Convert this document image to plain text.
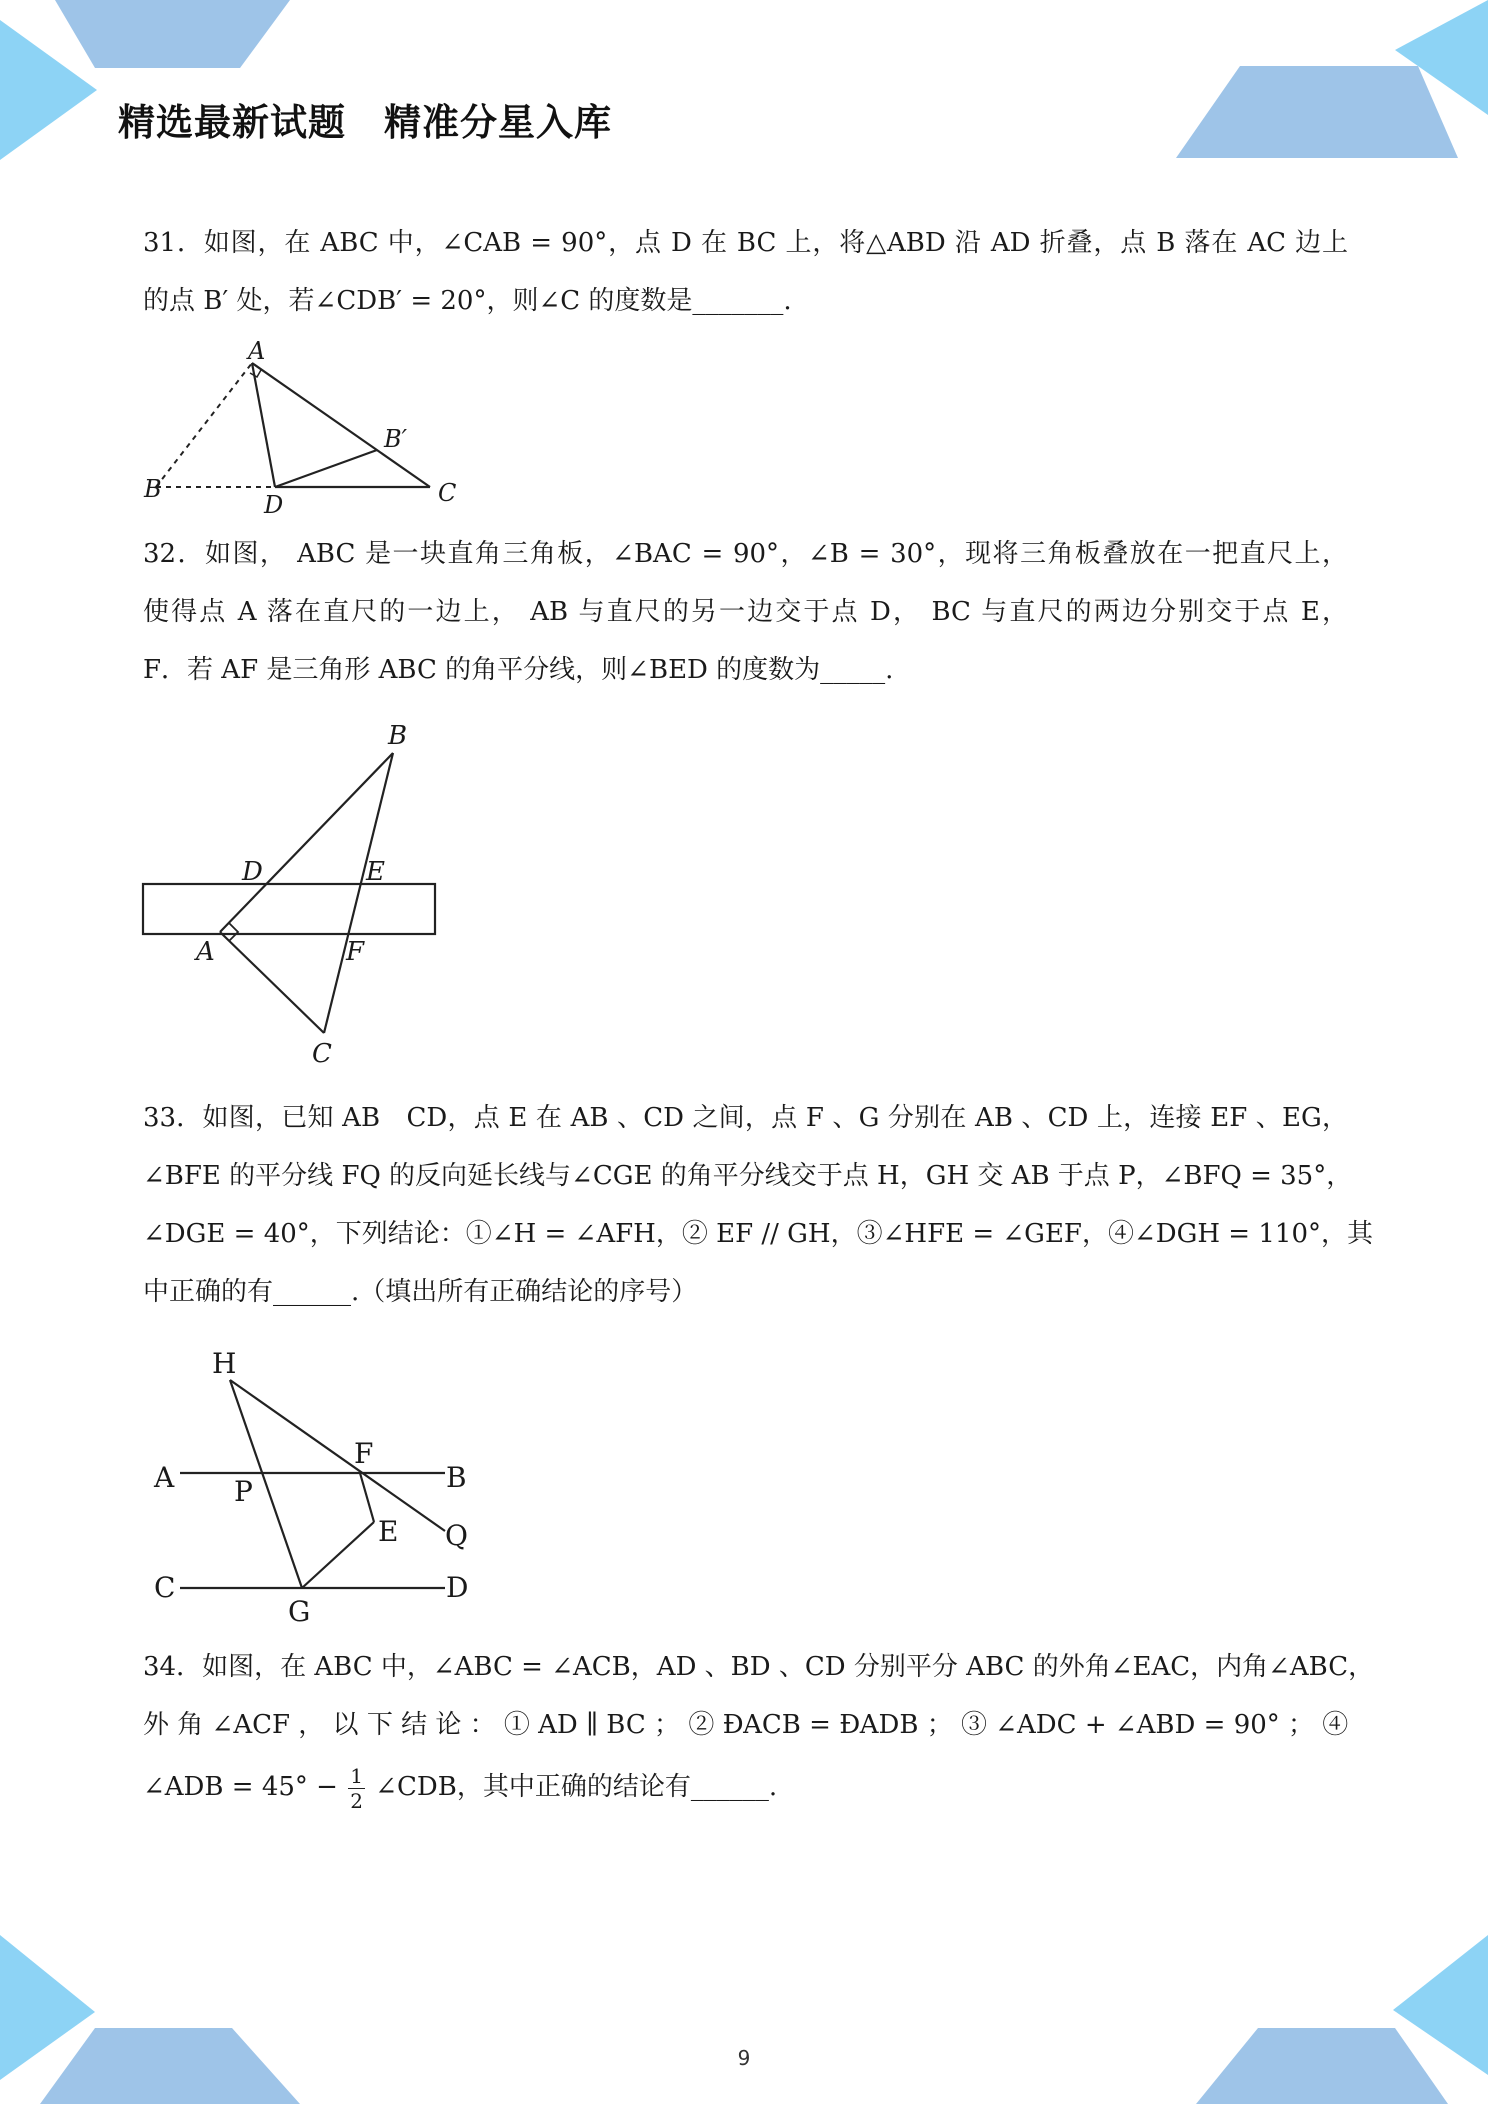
精选最新试题　精准分星入库

31．如图，在 ABC 中，∠CAB = 90°，点 D 在 BC 上，将△ABD 沿 AD 折叠，点 B 落在 AC 边上

的点 B′ 处，若∠CDB′ = 20°，则∠C 的度数是_______.

A
B
D	C
B′

32．如图， ABC 是一块直角三角板，∠BAC = 90°，∠B = 30°，现将三角板叠放在一把直尺上，

使得点 A 落在直尺的一边上， AB 与直尺的另一边交于点 D， BC 与直尺的两边分别交于点 E，

F．若 AF 是三角形 ABC 的角平分线，则∠BED 的度数为_____.

B
D	E
A	F
C

33．如图，已知 AB　CD，点 E 在 AB 、CD 之间，点 F 、G 分别在 AB 、CD 上，连接 EF 、EG，

∠BFE 的平分线 FQ 的反向延长线与∠CGE 的角平分线交于点 H，GH 交 AB 于点 P，∠BFQ = 35°，

∠DGE = 40°，下列结论：①∠H = ∠AFH，② EF // GH，③∠HFE = ∠GEF，④∠DGH = 110°，其

中正确的有______.（填出所有正确结论的序号）

H
A P
F
B
E Q
C
G
D

34．如图，在 ABC 中，∠ABC = ∠ACB，AD 、BD 、CD 分别平分 ABC 的外角∠EAC，内角∠ABC，

外 角 ∠ACF ， 以 下 结 论 ： ① AD ∥ BC ； ② ÐACB = ÐADB ； ③ ∠ADC + ∠ABD = 90° ； ④

∠ADB = $45^\circ - \frac{1}{2}$ ∠CDB，其中正确的结论有______.

9
